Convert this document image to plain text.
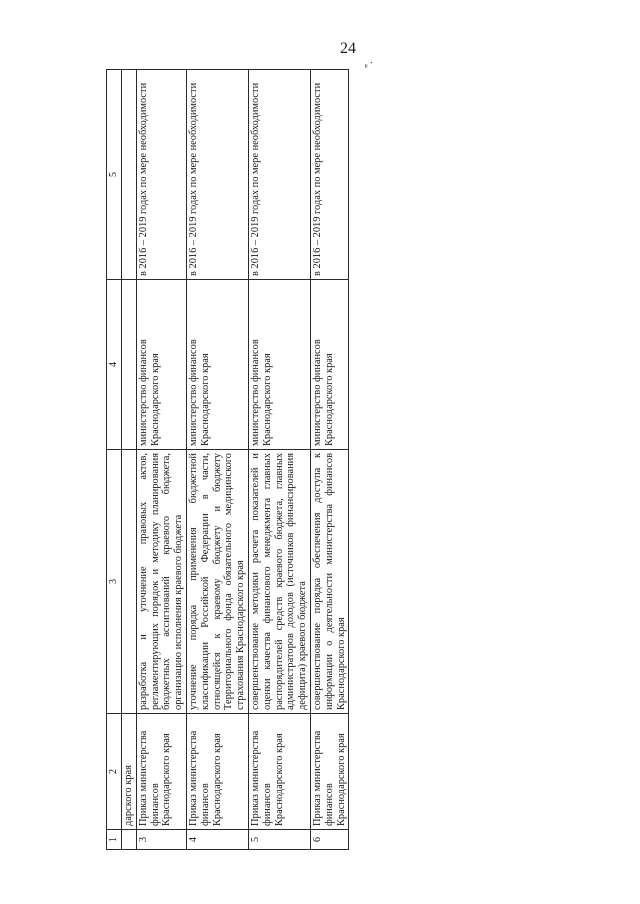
24
".
1	2	3	4	5
	дарского края			
3	Приказ министерства финансов Краснодарского края	разработка и уточнение правовых актов, регламентирующих порядок и методику планирования бюджетных ассигнований краевого бюджета, организацию исполнения краевого бюджета	министерство финансов Краснодарского края	в 2016 – 2019 годах по мере необходимости
4	Приказ министерства финансов Краснодарского края	уточнение порядка применения бюджетной классификации Российской Федерации в части, относящейся к краевому бюджету и бюджету Территориального фонда обязательного медицинского страхования Краснодарского края	министерство финансов Краснодарского края	в 2016 – 2019 годах по мере необходимости
5	Приказ министерства финансов Краснодарского края	совершенствование методики расчета показателей и оценки качества финансового менеджмента главных распорядителей средств краевого бюджета, главных администраторов доходов (источников финансирования дефицита) краевого бюджета	министерство финансов Краснодарского края	в 2016 – 2019 годах по мере необходимости
6	Приказ министерства финансов Краснодарского края	совершенствование порядка обеспечения доступа к информации о деятельности министерства финансов Краснодарского края	министерство финансов Краснодарского края	в 2016 – 2019 годах по мере необходимости
